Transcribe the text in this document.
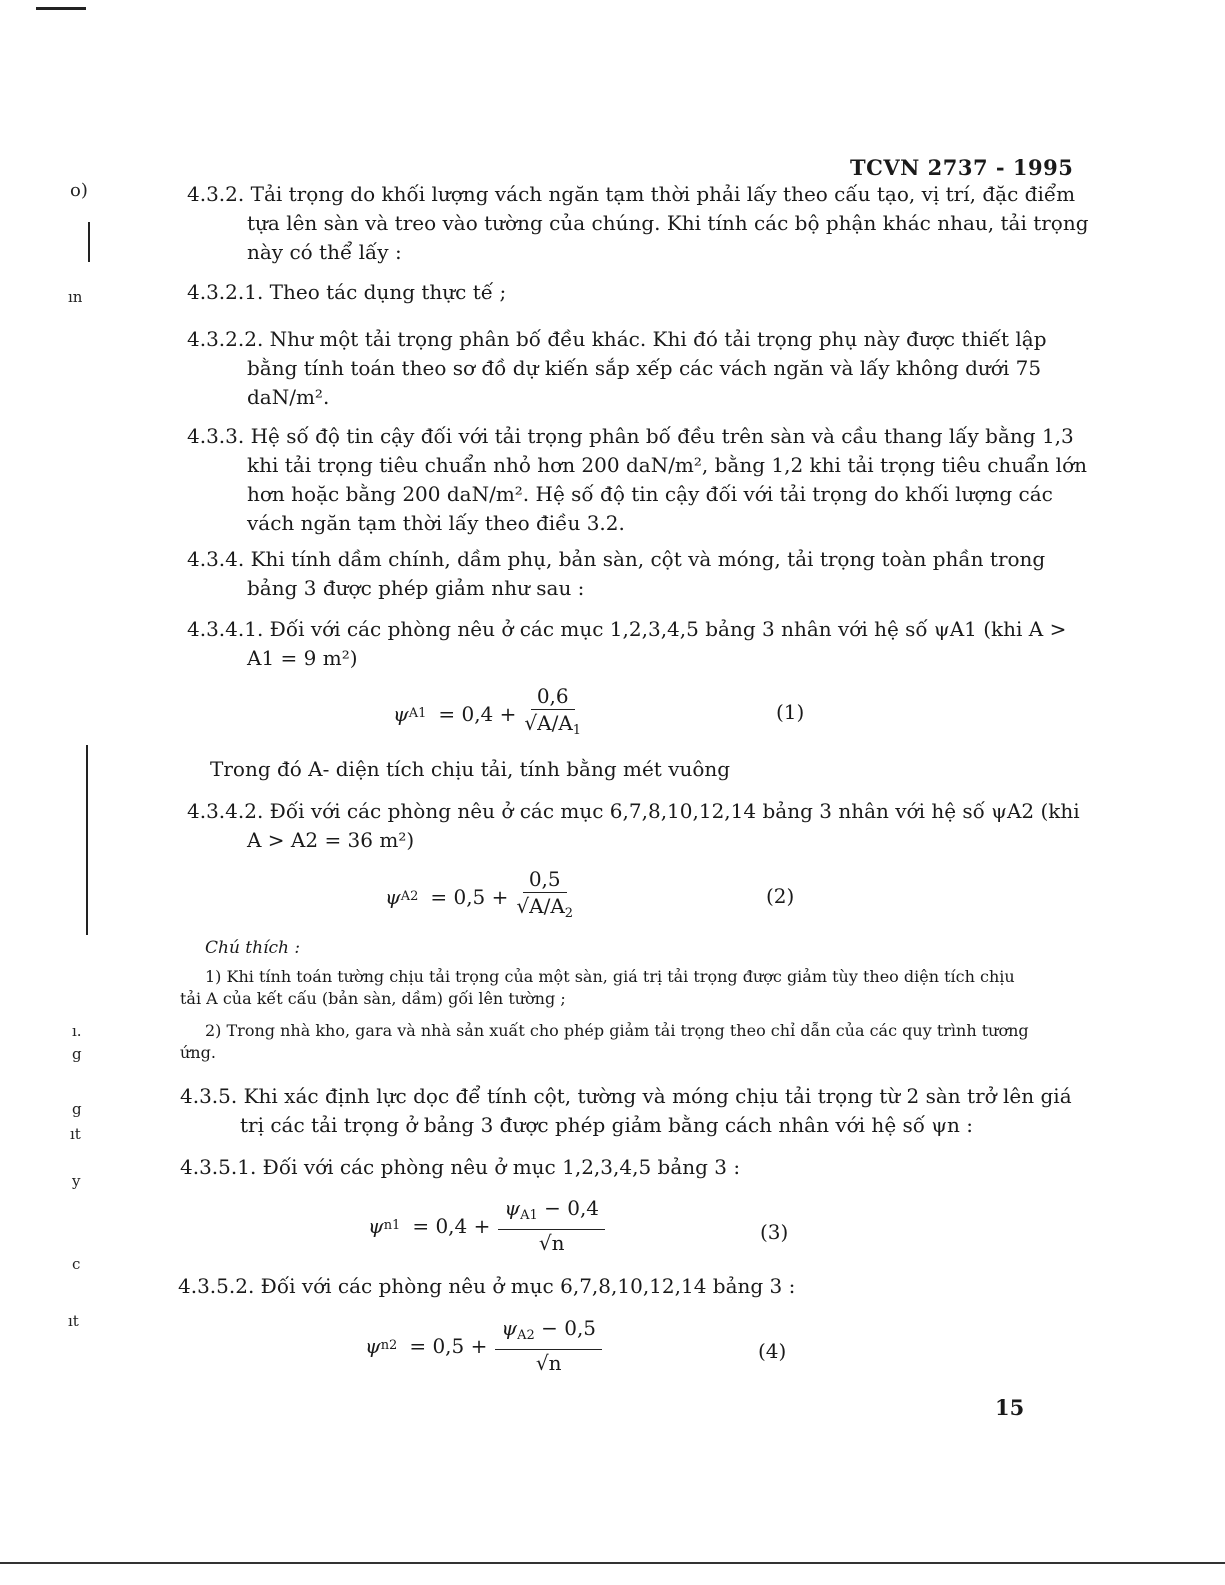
o)
ın
ı.
g
g
ıt
y
c
ıt
TCVN 2737 - 1995
4.3.2. Tải trọng do khối lượng vách ngăn tạm thời phải lấy theo cấu tạo, vị trí, đặc điểm tựa lên sàn và treo vào tường của chúng. Khi tính các bộ phận khác nhau, tải trọng này có thể lấy :
4.3.2.1. Theo tác dụng thực tế ;
4.3.2.2. Như một tải trọng phân bố đều khác. Khi đó tải trọng phụ này được thiết lập bằng tính toán theo sơ đồ dự kiến sắp xếp các vách ngăn và lấy không dưới 75 daN/m².
4.3.3. Hệ số độ tin cậy đối với tải trọng phân bố đều trên sàn và cầu thang lấy bằng 1,3 khi tải trọng tiêu chuẩn nhỏ hơn 200 daN/m², bằng 1,2 khi tải trọng tiêu chuẩn lớn hơn hoặc bằng 200 daN/m². Hệ số độ tin cậy đối với tải trọng do khối lượng các vách ngăn tạm thời lấy theo điều 3.2.
4.3.4. Khi tính dầm chính, dầm phụ, bản sàn, cột và móng, tải trọng toàn phần trong bảng 3 được phép giảm như sau :
4.3.4.1. Đối với các phòng nêu ở các mục 1,2,3,4,5 bảng 3 nhân với hệ số ψA1 (khi A > A1 = 9 m²)
ψ $A1 = 0,4 + \frac{0,6}{√A/A_1}$	(1)
Trong đó A- diện tích chịu tải, tính bằng mét vuông
4.3.4.2. Đối với các phòng nêu ở các mục 6,7,8,10,12,14 bảng 3 nhân với hệ số ψA2 (khi A > A2 = 36 m²)
ψ $A2 = 0,5 + \frac{0,5}{√A/A_2}$	(2)
Chú thích :
1) Khi tính toán tường chịu tải trọng của một sàn, giá trị tải trọng được giảm tùy theo diện tích chịu tải A của kết cấu (bản sàn, dầm) gối lên tường ;
2) Trong nhà kho, gara và nhà sản xuất cho phép giảm tải trọng theo chỉ dẫn của các quy trình tương ứng.
4.3.5. Khi xác định lực dọc để tính cột, tường và móng chịu tải trọng từ 2 sàn trở lên giá trị các tải trọng ở bảng 3 được phép giảm bằng cách nhân với hệ số ψn :
4.3.5.1. Đối với các phòng nêu ở mục 1,2,3,4,5 bảng 3 :
ψ $n1 = 0,4 + \frac{\psi_{A1} - 0,4}{√n}$	(3)
4.3.5.2. Đối với các phòng nêu ở mục 6,7,8,10,12,14 bảng 3 :
ψ $n2 = 0,5 + \frac{\psi_{A2} - 0,5}{√n}$	(4)
15
